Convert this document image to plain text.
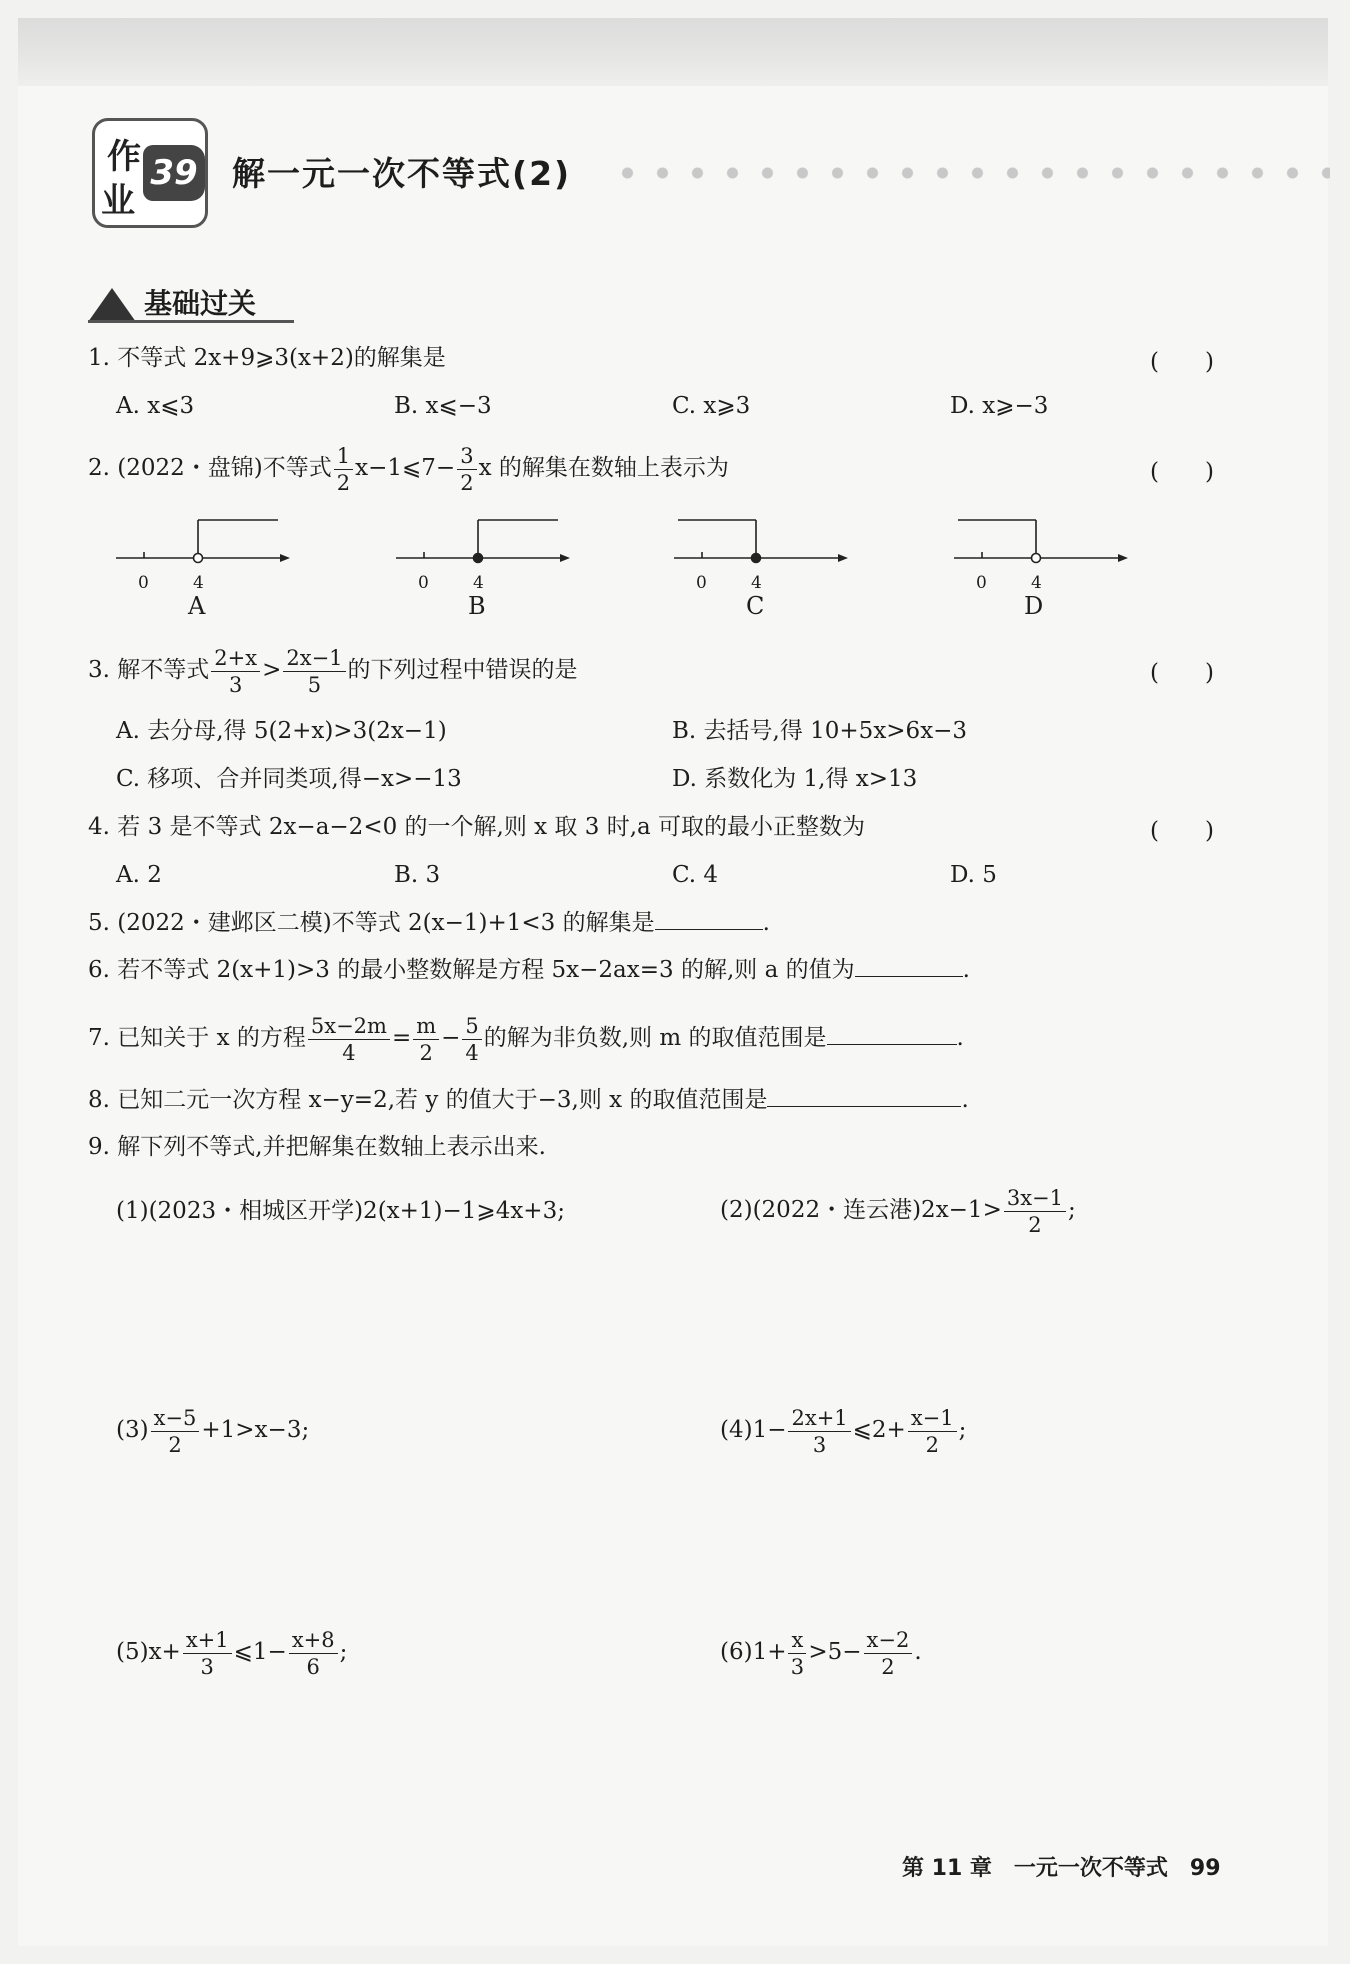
作
业
39 解一元一次不等式(2)
基础过关
1. 不等式 2x+9⩾3(x+2)的解集是	(　　)
A. x⩽3	B. x⩽−3	C. x⩾3	D. x⩾−3
2. (2022・盘锦)不等式 $\frac{1}{2}$ x−1⩽7− $\frac{3}{2}$ x 的解集在数轴上表示为	(　　)
0	4	0	4	0	4	0	4
A	B	C	D
3. 解不等式 $\frac{2+x}{3} > \frac{2x-1}{5}$ 的下列过程中错误的是	(　　)
A. 去分母,得 5(2+x)>3(2x−1)	B. 去括号,得 10+5x>6x−3
C. 移项、合并同类项,得−x>−13	D. 系数化为 1,得 x>13
4. 若 3 是不等式 2x−a−2<0 的一个解,则 x 取 3 时,a 可取的最小正整数为	(　　)
A. 2	B. 3	C. 4	D. 5
5. (2022・建邺区二模)不等式 2(x−1)+1<3 的解集是	.
6. 若不等式 2(x+1)>3 的最小整数解是方程 5x−2ax=3 的解,则 a 的值为	.
7. 已知关于 x 的方程 $\frac{5x-2m}{4} = \frac{m}{2} - \frac{5}{4}$ 的解为非负数,则 m 的取值范围是	.
8. 已知二元一次方程 x−y=2,若 y 的值大于−3,则 x 的取值范围是	.
9. 解下列不等式,并把解集在数轴上表示出来.
(1)(2023・相城区开学)2(x+1)−1⩾4x+3;	(2)(2022・连云港)$2x-1> \frac{3x-1}{2}$ ;
$(3) \frac{x-5}{2} +1>x-3$;	$(4)1- \frac{2x+1}{3}$ ⩽2+ $\frac{x-1}{2}$ ;
$(5)x+ \frac{x+1}{3}$ ⩽1− $\frac{x+8}{6}$ ;	$(6)1+ \frac{x}{3} >5- \frac{x-2}{2}$ .
第 11 章　一元一次不等式　99
